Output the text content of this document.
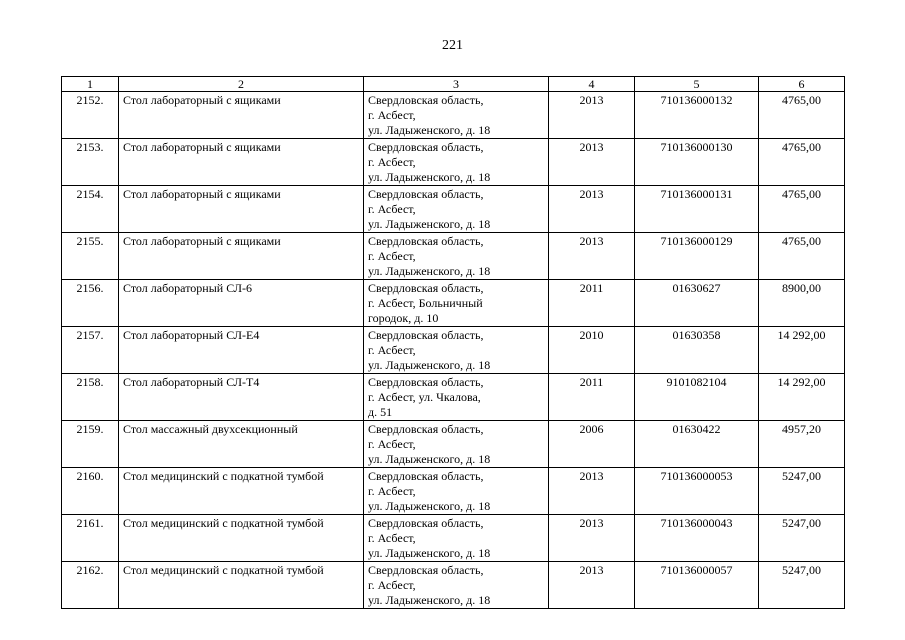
221
1	2	3	4	5	6
2152.	Стол лабораторный с ящиками	Свердловская область,
г. Асбест,
ул. Ладыженского, д. 18	2013	710136000132	4765,00
2153.	Стол лабораторный с ящиками	Свердловская область,
г. Асбест,
ул. Ладыженского, д. 18	2013	710136000130	4765,00
2154.	Стол лабораторный с ящиками	Свердловская область,
г. Асбест,
ул. Ладыженского, д. 18	2013	710136000131	4765,00
2155.	Стол лабораторный с ящиками	Свердловская область,
г. Асбест,
ул. Ладыженского, д. 18	2013	710136000129	4765,00
2156.	Стол лабораторный СЛ-6	Свердловская область,
г. Асбест, Больничный
городок, д. 10	2011	01630627	8900,00
2157.	Стол лабораторный СЛ-Е4	Свердловская область,
г. Асбест,
ул. Ладыженского, д. 18	2010	01630358	14 292,00
2158.	Стол лабораторный СЛ-Т4	Свердловская область,
г. Асбест, ул. Чкалова,
д. 51	2011	9101082104	14 292,00
2159.	Стол массажный двухсекционный	Свердловская область,
г. Асбест,
ул. Ладыженского, д. 18	2006	01630422	4957,20
2160.	Стол медицинский с подкатной тумбой	Свердловская область,
г. Асбест,
ул. Ладыженского, д. 18	2013	710136000053	5247,00
2161.	Стол медицинский с подкатной тумбой	Свердловская область,
г. Асбест,
ул. Ладыженского, д. 18	2013	710136000043	5247,00
2162.	Стол медицинский с подкатной тумбой	Свердловская область,
г. Асбест,
ул. Ладыженского, д. 18	2013	710136000057	5247,00
